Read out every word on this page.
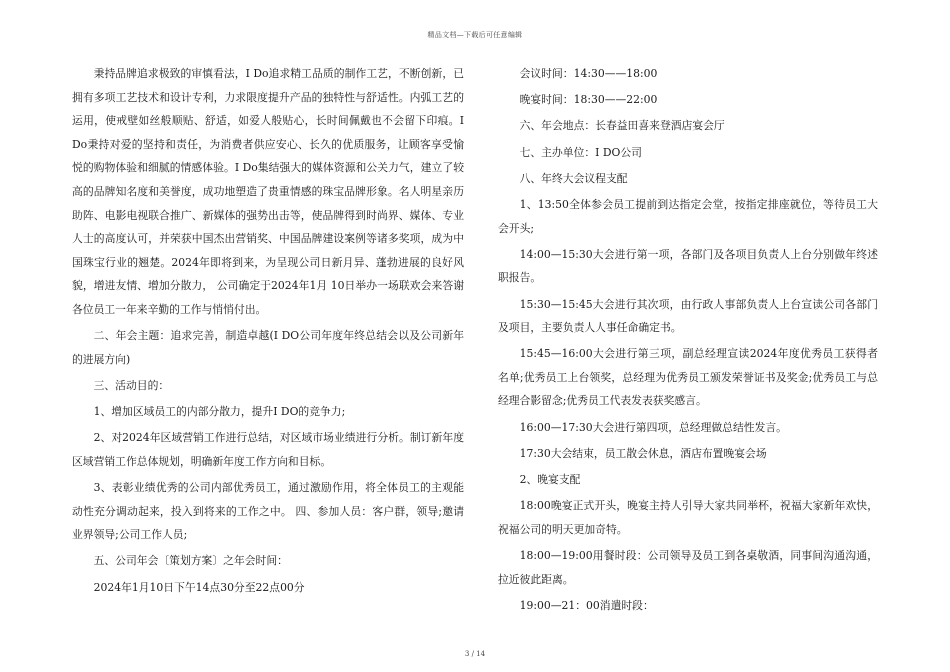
精品文档—下载后可任意编辑

秉持品牌追求极致的审慎看法，I Do追求精工品质的制作工艺，不断创新，已拥有多项工艺技术和设计专利，力求限度提升产品的独特性与舒适性。内弧工艺的运用，使戒壁如丝般顺贴、舒适，如爱人般贴心，长时间佩戴也不会留下印痕。I Do秉持对爱的坚持和责任，为消费者供应安心、长久的优质服务，让顾客享受愉悦的购物体验和细腻的情感体验。I Do集结强大的媒体资源和公关力气，建立了较高的品牌知名度和美誉度，成功地塑造了贵重情感的珠宝品牌形象。名人明星亲历助阵、电影电视联合推广、新媒体的强势出击等，使品牌得到时尚界、媒体、专业人士的高度认可，并荣获中国杰出营销奖、中国品牌建设案例等诸多奖项，成为中国珠宝行业的翘楚。2024年即将到来，为呈现公司日新月异、蓬勃进展的良好风貌，增进友情、增加分散力， 公司确定于2024年1月 10日举办一场联欢会来答谢各位员工一年来辛勤的工作与悄悄付出。

二、年会主题：追求完善，制造卓越(I DO公司年度年终总结会以及公司新年的进展方向)

三、活动目的：

1、增加区域员工的内部分散力，提升I DO的竞争力;

2、对2024年区域营销工作进行总结，对区域市场业绩进行分析。制订新年度区域营销工作总体规划，明确新年度工作方向和目标。

3、表彰业绩优秀的公司内部优秀员工，通过激励作用，将全体员工的主观能动性充分调动起来，投入到将来的工作之中。 四、参加人员：客户群，领导;邀请业界领导;公司工作人员;

五、公司年会〔策划方案〕之年会时间：

2024年1月10日下午14点30分至22点00分

会议时间：14:30——18:00

晚宴时间：18:30——22:00

六、年会地点：长春益田喜来登酒店宴会厅

七、主办单位：I DO公司

八、年终大会议程支配

1、13:50全体参会员工提前到达指定会堂，按指定排座就位，等待员工大会开头;

14:00—15:30大会进行第一项，各部门及各项目负责人上台分别做年终述职报告。

15:30—15:45大会进行其次项，由行政人事部负责人上台宣读公司各部门及项目，主要负责人人事任命确定书。

15:45—16:00大会进行第三项，副总经理宣读2024年度优秀员工获得者名单;优秀员工上台领奖，总经理为优秀员工颁发荣誉证书及奖金;优秀员工与总经理合影留念;优秀员工代表发表获奖感言。

16:00—17:30大会进行第四项，总经理做总结性发言。

17:30大会结束，员工散会休息，酒店布置晚宴会场

2、晚宴支配

18:00晚宴正式开头，晚宴主持人引导大家共同举杯，祝福大家新年欢快，祝福公司的明天更加奇特。

18:00—19:00用餐时段：公司领导及员工到各桌敬酒，同事间沟通沟通，拉近彼此距离。

19:00—21：00消遣时段：

3 / 14
